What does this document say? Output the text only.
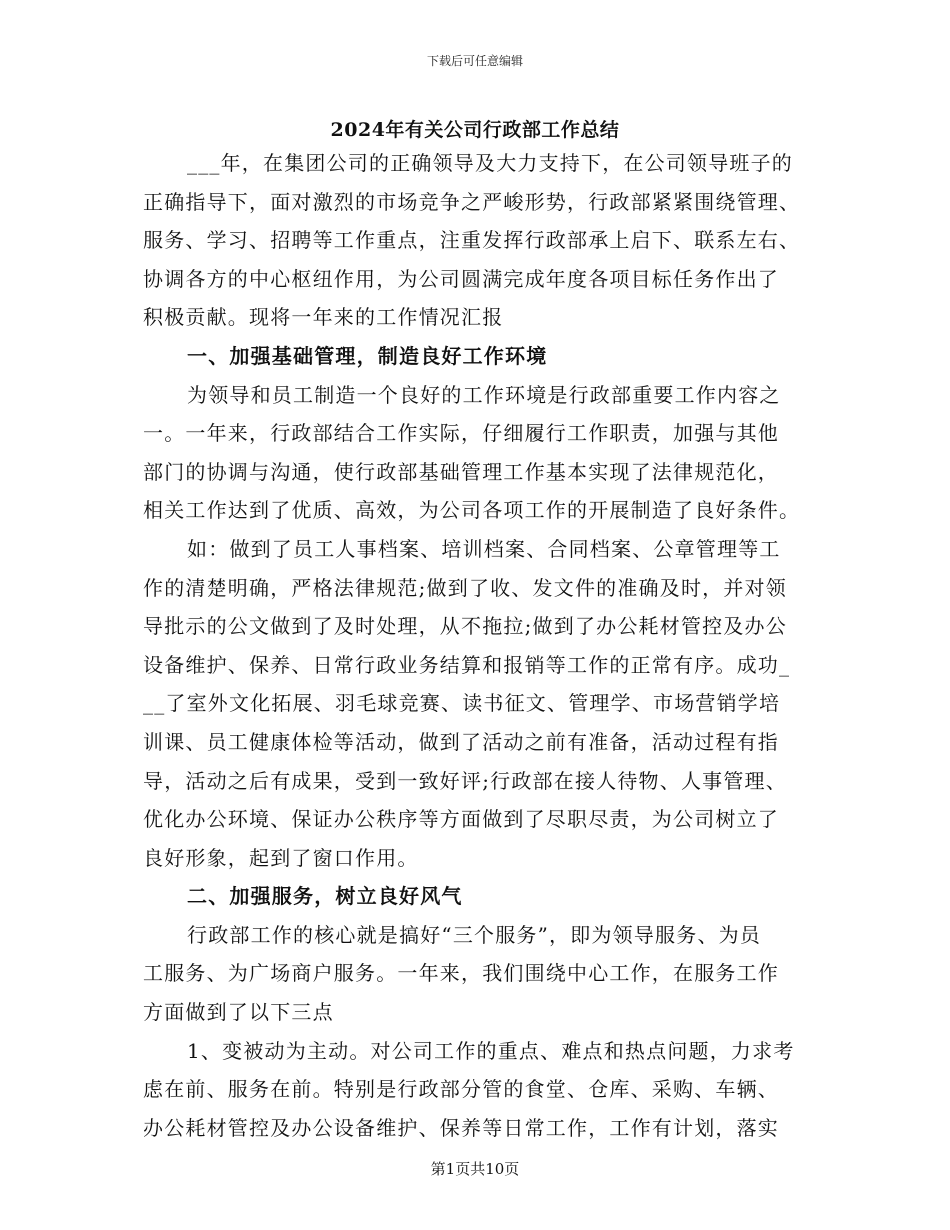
下载后可任意编辑
2024年有关公司行政部工作总结
___年，在集团公司的正确领导及大力支持下，在公司领导班子的
正确指导下，面对激烈的市场竞争之严峻形势，行政部紧紧围绕管理、
服务、学习、招聘等工作重点，注重发挥行政部承上启下、联系左右、
协调各方的中心枢纽作用，为公司圆满完成年度各项目标任务作出了
积极贡献。现将一年来的工作情况汇报
一、加强基础管理，制造良好工作环境
为领导和员工制造一个良好的工作环境是行政部重要工作内容之
一。一年来，行政部结合工作实际，仔细履行工作职责，加强与其他
部门的协调与沟通，使行政部基础管理工作基本实现了法律规范化，
相关工作达到了优质、高效，为公司各项工作的开展制造了良好条件。
如：做到了员工人事档案、培训档案、合同档案、公章管理等工
作的清楚明确，严格法律规范;做到了收、发文件的准确及时，并对领
导批示的公文做到了及时处理，从不拖拉;做到了办公耗材管控及办公
设备维护、保养、日常行政业务结算和报销等工作的正常有序。成功_
__了室外文化拓展、羽毛球竞赛、读书征文、管理学、市场营销学培
训课、员工健康体检等活动，做到了活动之前有准备，活动过程有指
导，活动之后有成果，受到一致好评;行政部在接人待物、人事管理、
优化办公环境、保证办公秩序等方面做到了尽职尽责，为公司树立了
良好形象，起到了窗口作用。
二、加强服务，树立良好风气
行政部工作的核心就是搞好“三个服务”，即为领导服务、为员
工服务、为广场商户服务。一年来，我们围绕中心工作，在服务工作
方面做到了以下三点
1、变被动为主动。对公司工作的重点、难点和热点问题，力求考
虑在前、服务在前。特别是行政部分管的食堂、仓库、采购、车辆、
办公耗材管控及办公设备维护、保养等日常工作，工作有计划，落实
第1页共10页
